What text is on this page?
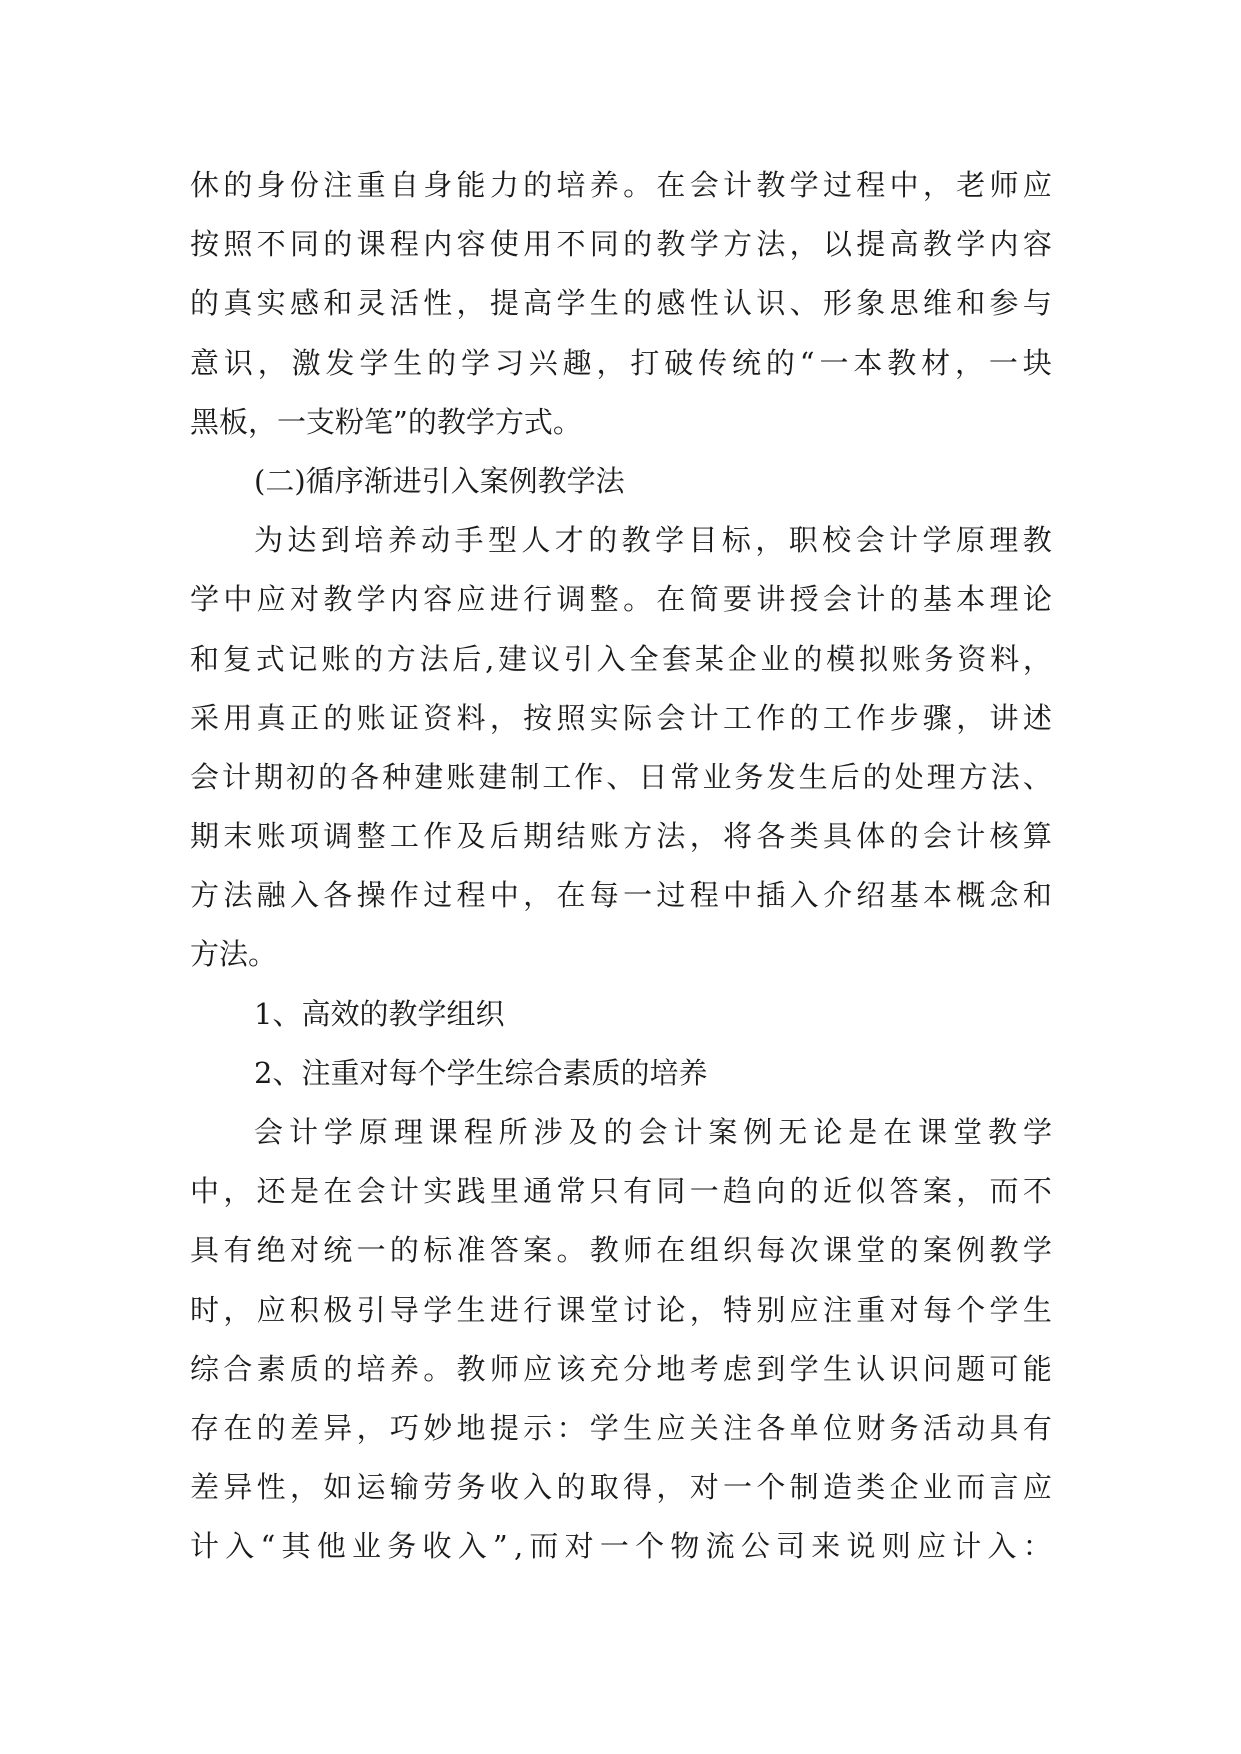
休 的 身 份 注 重 自 身 能 力 的 培 养 。 在 会 计 教 学 过 程 中 ， 老 师 应
按 照 不 同 的 课 程 内 容 使 用 不 同 的 教 学 方 法 ， 以 提 高 教 学 内 容
的 真 实 感 和 灵 活 性 ， 提 高 学 生 的 感 性 认 识 、 形 象 思 维 和 参 与
意 识 ， 激 发 学 生 的 学 习 兴 趣 ， 打 破 传 统 的 “ 一 本 教 材 ， 一 块
黑板，一支粉笔”的教学方式。
(二)循序渐进引入案例教学法
为 达 到 培 养 动 手 型 人 才 的 教 学 目 标 ， 职 校 会 计 学 原 理 教
学 中 应 对 教 学 内 容 应 进 行 调 整 。 在 简 要 讲 授 会 计 的 基 本 理 论
和 复 式 记 账 的 方 法 后 , 建 议 引 入 全 套 某 企 业 的 模 拟 账 务 资 料 ，
采 用 真 正 的 账 证 资 料 ， 按 照 实 际 会 计 工 作 的 工 作 步 骤 ， 讲 述
会 计 期 初 的 各 种 建 账 建 制 工 作 、 日 常 业 务 发 生 后 的 处 理 方 法 、
期 末 账 项 调 整 工 作 及 后 期 结 账 方 法 ， 将 各 类 具 体 的 会 计 核 算
方 法 融 入 各 操 作 过 程 中 ， 在 每 一 过 程 中 插 入 介 绍 基 本 概 念 和
方法。
1、高效的教学组织
2、注重对每个学生综合素质的培养
会 计 学 原 理 课 程 所 涉 及 的 会 计 案 例 无 论 是 在 课 堂 教 学
中 ， 还 是 在 会 计 实 践 里 通 常 只 有 同 一 趋 向 的 近 似 答 案 ， 而 不
具 有 绝 对 统 一 的 标 准 答 案 。 教 师 在 组 织 每 次 课 堂 的 案 例 教 学
时 ， 应 积 极 引 导 学 生 进 行 课 堂 讨 论 ， 特 别 应 注 重 对 每 个 学 生
综 合 素 质 的 培 养 。 教 师 应 该 充 分 地 考 虑 到 学 生 认 识 问 题 可 能
存 在 的 差 异 ， 巧 妙 地 提 示 ： 学 生 应 关 注 各 单 位 财 务 活 动 具 有
差 异 性 ， 如 运 输 劳 务 收 入 的 取 得 ， 对 一 个 制 造 类 企 业 而 言 应
计 入 “ 其 他 业 务 收 入 ” , 而 对 一 个 物 流 公 司 来 说 则 应 计 入 ：
